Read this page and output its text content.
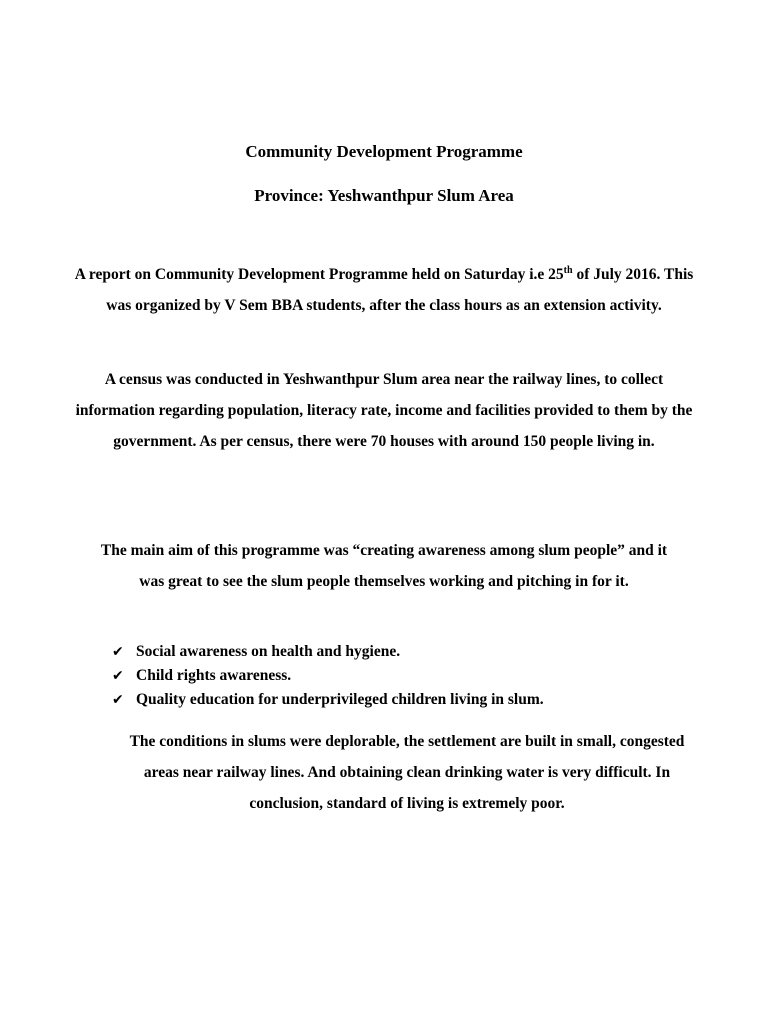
Community Development Programme

Province: Yeshwanthpur Slum Area

A report on Community Development Programme held on Saturday i.e 25th of July 2016. This was organized by V Sem BBA students, after the class hours as an extension activity.

A census was conducted in Yeshwanthpur Slum area near the railway lines, to collect information regarding population, literacy rate, income and facilities provided to them by the government. As per census, there were 70 houses with around 150 people living in.

The main aim of this programme was “creating awareness among slum people” and it was great to see the slum people themselves working and pitching in for it.

✔ Social awareness on health and hygiene.
✔ Child rights awareness.
✔ Quality education for underprivileged children living in slum.

The conditions in slums were deplorable, the settlement are built in small, congested areas near railway lines. And obtaining clean drinking water is very difficult. In conclusion, standard of living is extremely poor.
